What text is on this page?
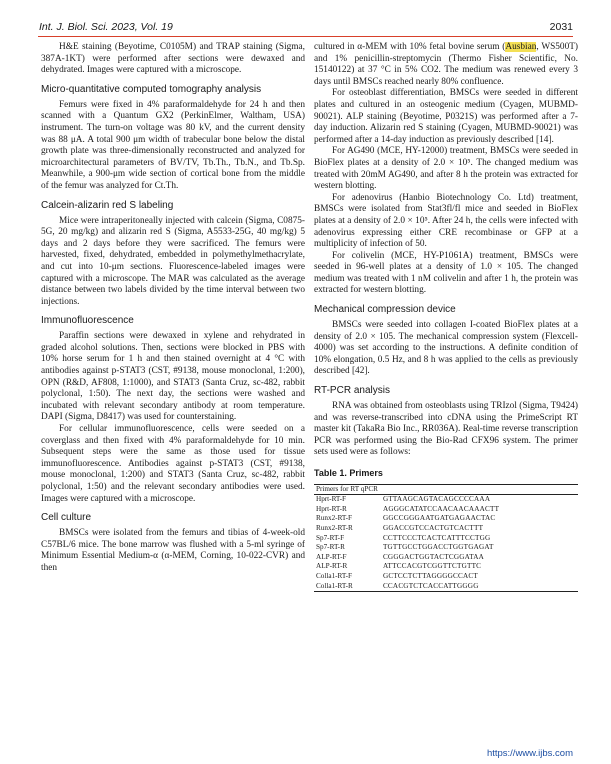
Int. J. Biol. Sci. 2023, Vol. 19	2031

H&E staining (Beyotime, C0105M) and TRAP staining (Sigma, 387A-1KT) were performed after sections were dewaxed and dehydrated. Images were captured with a microscope.

Micro-quantitative computed tomography analysis

Femurs were fixed in 4% paraformaldehyde for 24 h and then scanned with a Quantum GX2 (PerkinElmer, Waltham, USA) instrument. The turn-on voltage was 80 kV, and the current density was 88 μA. A total 900 μm width of trabecular bone below the distal growth plate was three-dimensionally reconstructed and analyzed for microarchitectural parameters of BV/TV, Tb.Th., Tb.N., and Tb.Sp. Meanwhile, a 900-μm wide section of cortical bone from the middle of the femur was analyzed for Ct.Th.

Calcein-alizarin red S labeling

Mice were intraperitoneally injected with calcein (Sigma, C0875-5G, 20 mg/kg) and alizarin red S (Sigma, A5533-25G, 40 mg/kg) 5 days and 2 days before they were sacrificed. The femurs were harvested, fixed, dehydrated, embedded in polymethylmethacrylate, and cut into 10-μm sections. Fluorescence-labeled images were captured with a microscope. The MAR was calculated as the average distance between two labels divided by the time interval between two injections.

Immunofluorescence

Paraffin sections were dewaxed in xylene and rehydrated in graded alcohol solutions. Then, sections were blocked in PBS with 10% horse serum for 1 h and then stained overnight at 4 °C with antibodies against p-STAT3 (CST, #9138, mouse monoclonal, 1:200), OPN (R&D, AF808, 1:1000), and STAT3 (Santa Cruz, sc-482, rabbit polyclonal, 1:50). The next day, the sections were washed and incubated with relevant secondary antibody at room temperature. DAPI (Sigma, D8417) was used for counterstaining.

For cellular immunofluorescence, cells were seeded on a coverglass and then fixed with 4% paraformaldehyde for 10 min. Subsequent steps were the same as those used for tissue immunofluorescence. Antibodies against p-STAT3 (CST, #9138, mouse monoclonal, 1:200) and STAT3 (Santa Cruz, sc-482, rabbit polyclonal, 1:50) and the relevant secondary antibodies were used. Images were captured with a microscope.

Cell culture

BMSCs were isolated from the femurs and tibias of 4-week-old C57BL/6 mice. The bone marrow was flushed with a 5-ml syringe of Minimum Essential Medium-α (α-MEM, Corning, 10-022-CVR) and then

cultured in α-MEM with 10% fetal bovine serum (Ausbian, WS500T) and 1% penicillin-streptomycin (Thermo Fisher Scientific, No. 15140122) at 37 °C in 5% CO2. The medium was renewed every 3 days until BMSCs reached nearly 80% confluence.

For osteoblast differentiation, BMSCs were seeded in different plates and cultured in an osteogenic medium (Cyagen, MUBMD-90021). ALP staining (Beyotime, P0321S) was performed after a 7-day induction. Alizarin red S staining (Cyagen, MUBMD-90021) was performed after a 14-day induction as previously described [14].

For AG490 (MCE, HY-12000) treatment, BMSCs were seeded in BioFlex plates at a density of 2.0 × 10⁵. The changed medium was treated with 20mM AG490, and after 8 h the protein was extracted for western blotting.

For adenovirus (Hanbio Biotechnology Co. Ltd) treatment, BMSCs were isolated from Stat3fl/fl mice and seeded in BioFlex plates at a density of 2.0 × 10⁵. After 24 h, the cells were infected with adenovirus expressing either CRE recombinase or GFP at a multiplicity of infection of 50.

For colivelin (MCE, HY-P1061A) treatment, BMSCs were seeded in 96-well plates at a density of 1.0 × 105. The changed medium was treated with 1 nM colivelin and after 1 h, the protein was extracted for western blotting.

Mechanical compression device

BMSCs were seeded into collagen I-coated BioFlex plates at a density of 2.0 × 105. The mechanical compression system (Flexcell-4000) was set according to the instructions. A definite condition of 10% elongation, 0.5 Hz, and 8 h was applied to the cells as previously described [42].

RT-PCR analysis

RNA was obtained from osteoblasts using TRIzol (Sigma, T9424) and was reverse-transcribed into cDNA using the PrimeScript RT master kit (TakaRa Bio Inc., RR036A). Real-time reverse transcription PCR was performed using the Bio-Rad CFX96 system. The primer sets used were as follows:

Table 1. Primers
Primers for RT qPCR	
Hprt-RT-F	GTTAAGCAGTACAGCCCCAAA
Hprt-RT-R	AGGGCATATCCAACAACAAACTT
Runx2-RT-F	GGCCGGGAATGATGAGAACTAC
Runx2-RT-R	GGACCGTCCACTGTCACTTT
Sp7-RT-F	CCTTCCCTCACTCATTTCCTGG
Sp7-RT-R	TGTTGCCTGGACCTGGTGAGAT
ALP-RT-F	CGGGACTGGTACTCGGATAA
ALP-RT-R	ATTCCACGTCGGTTCTGTTC
Colla1-RT-F	GCTCCTCTTAGGGGCCACT
Colla1-RT-R	CCACGTCTCACCATTGGGG
https://www.ijbs.com
